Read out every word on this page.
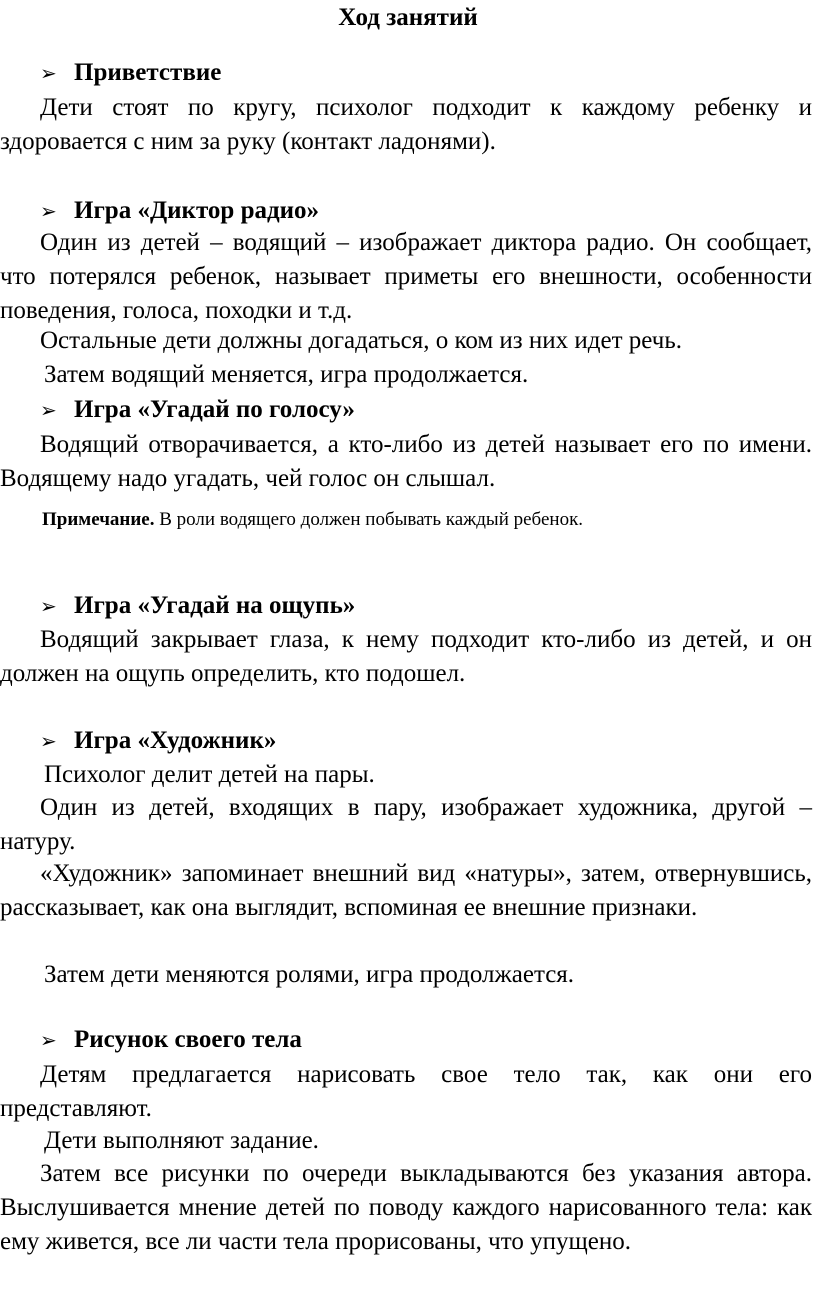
Ход занятий
➢ Приветствие
Дети стоят по кругу, психолог подходит к каждому ребенку и здоровается с ним за руку (контакт ладонями).
➢ Игра «Диктор радио»
Один из детей – водящий – изображает диктора радио. Он сообщает, что потерялся ребенок, называет приметы его внешности, особенности поведения, голоса, походки и т.д.
Остальные дети должны догадаться, о ком из них идет речь.
Затем водящий меняется, игра продолжается.
➢ Игра «Угадай по голосу»
Водящий отворачивается, а кто-либо из детей называет его по имени. Водящему надо угадать, чей голос он слышал.
Примечание. В роли водящего должен побывать каждый ребенок.
➢ Игра «Угадай на ощупь»
Водящий закрывает глаза, к нему подходит кто-либо из детей, и он должен на ощупь определить, кто подошел.
➢ Игра «Художник»
Психолог делит детей на пары.
Один из детей, входящих в пару, изображает художника, другой – натуру.
«Художник» запоминает внешний вид «натуры», затем, отвернувшись, рассказывает, как она выглядит, вспоминая ее внешние признаки.
Затем дети меняются ролями, игра продолжается.
➢ Рисунок своего тела
Детям предлагается нарисовать свое тело так, как они его представляют.
Дети выполняют задание.
Затем все рисунки по очереди выкладываются без указания автора. Выслушивается мнение детей по поводу каждого нарисованного тела: как ему живется, все ли части тела прорисованы, что упущено.
